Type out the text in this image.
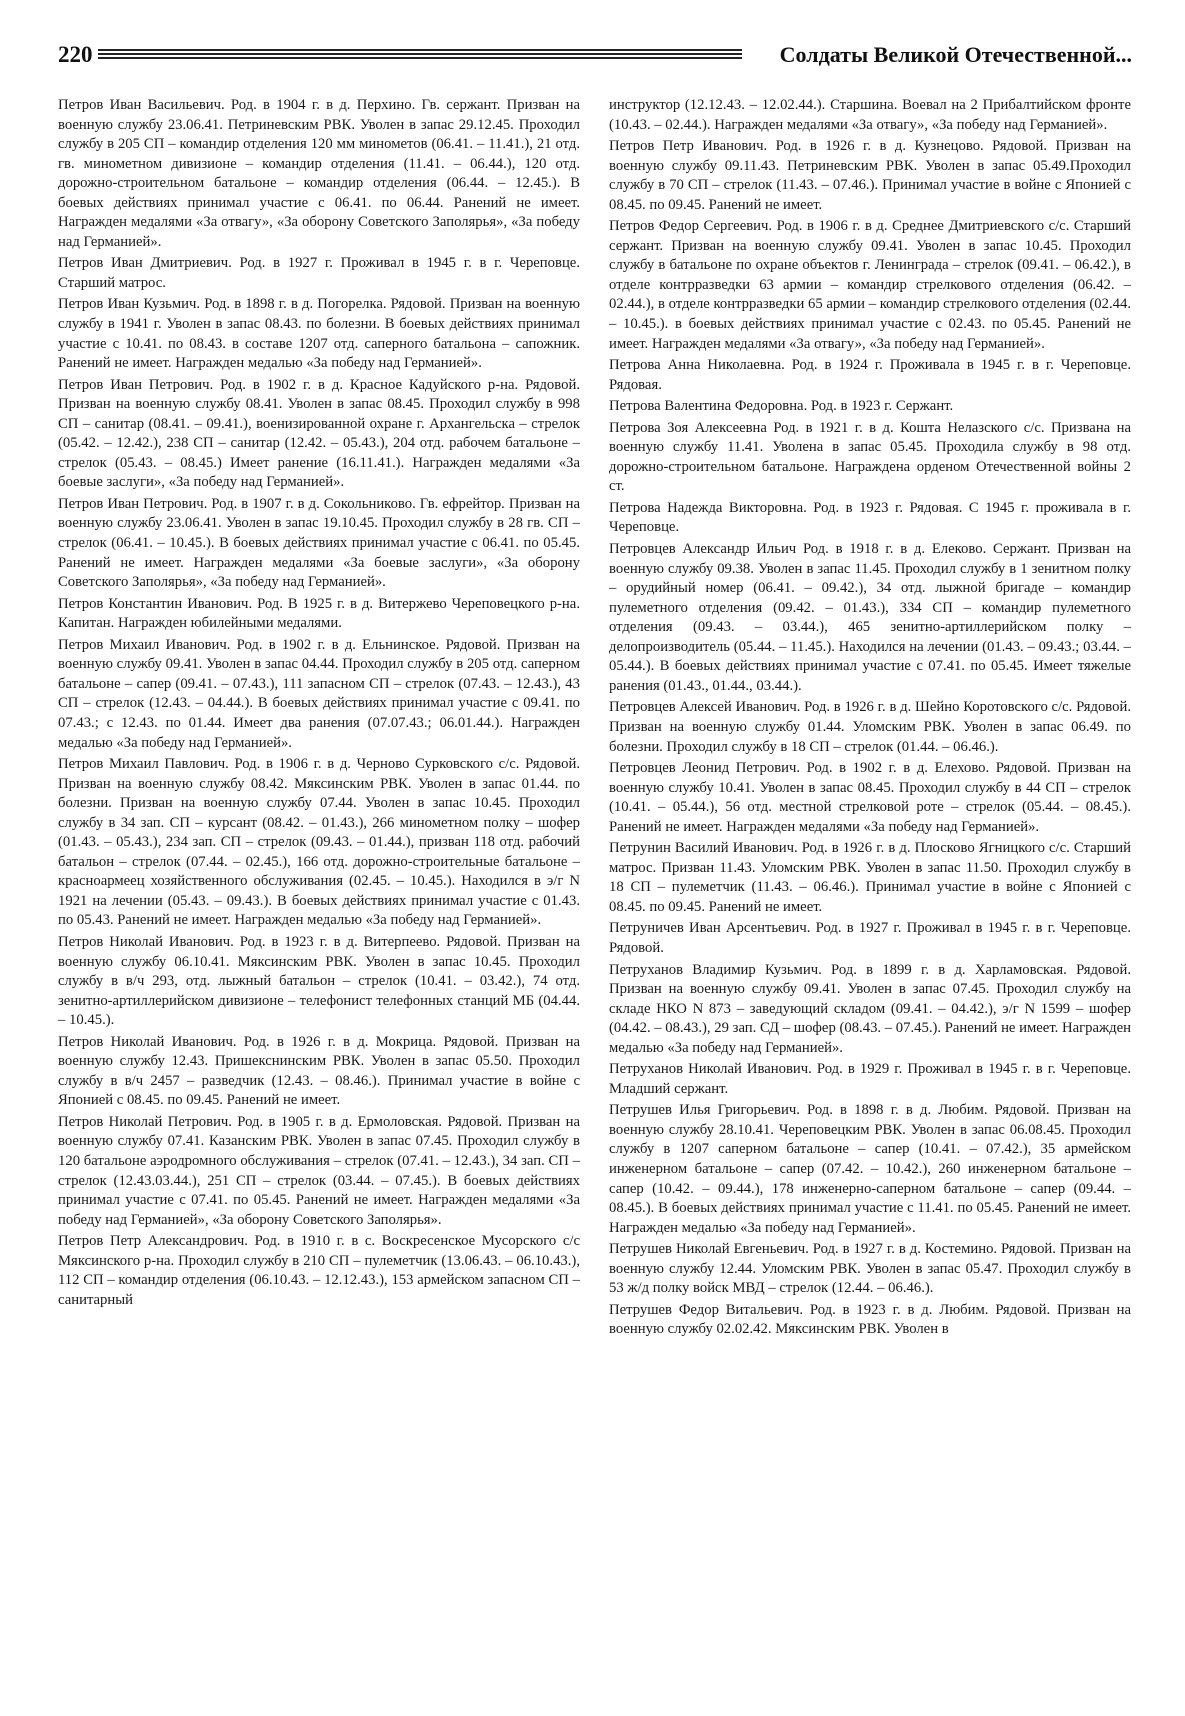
220	Солдаты Великой Отечественной...

Петров Иван Васильевич. Род. в 1904 г. в д. Перхино. Гв. сержант. Призван на военную службу 23.06.41. Петриневским РВК. Уволен в запас 29.12.45. Проходил службу в 205 СП – командир отделения 120 мм минометов (06.41. – 11.41.), 21 отд. гв. минометном дивизионе – командир отделения (11.41. – 06.44.), 120 отд. дорожно-строительном батальоне – командир отделения (06.44. – 12.45.). В боевых действиях принимал участие с 06.41. по 06.44. Ранений не имеет. Награжден медалями «За отвагу», «За оборону Советского Заполярья», «За победу над Германией».

Петров Иван Дмитриевич. Род. в 1927 г. Проживал в 1945 г. в г. Череповце. Старший матрос.

Петров Иван Кузьмич. Род. в 1898 г. в д. Погорелка. Рядовой. Призван на военную службу в 1941 г. Уволен в запас 08.43. по болезни. В боевых действиях принимал участие с 10.41. по 08.43. в составе 1207 отд. саперного батальона – сапожник. Ранений не имеет. Награжден медалью «За победу над Германией».

Петров Иван Петрович. Род. в 1902 г. в д. Красное Кадуйского р-на. Рядовой. Призван на военную службу 08.41. Уволен в запас 08.45. Проходил службу в 998 СП – санитар (08.41. – 09.41.), военизированной охране г. Архангельска – стрелок (05.42. – 12.42.), 238 СП – санитар (12.42. – 05.43.), 204 отд. рабочем батальоне – стрелок (05.43. – 08.45.) Имеет ранение (16.11.41.). Награжден медалями «За боевые заслуги», «За победу над Германией».

Петров Иван Петрович. Род. в 1907 г. в д. Сокольниково. Гв. ефрейтор. Призван на военную службу 23.06.41. Уволен в запас 19.10.45. Проходил службу в 28 гв. СП – стрелок (06.41. – 10.45.). В боевых действиях принимал участие с 06.41. по 05.45. Ранений не имеет. Награжден медалями «За боевые заслуги», «За оборону Советского Заполярья», «За победу над Германией».

Петров Константин Иванович. Род. В 1925 г. в д. Витержево Череповецкого р-на. Капитан. Награжден юбилейными медалями.

Петров Михаил Иванович. Род. в 1902 г. в д. Ельнинское. Рядовой. Призван на военную службу 09.41. Уволен в запас 04.44. Проходил службу в 205 отд. саперном батальоне – сапер (09.41. – 07.43.), 111 запасном СП – стрелок (07.43. – 12.43.), 43 СП – стрелок (12.43. – 04.44.). В боевых действиях принимал участие с 09.41. по 07.43.; с 12.43. по 01.44. Имеет два ранения (07.07.43.; 06.01.44.). Награжден медалью «За победу над Германией».

Петров Михаил Павлович. Род. в 1906 г. в д. Черново Сурковского с/с. Рядовой. Призван на военную службу 08.42. Мяксинским РВК. Уволен в запас 01.44. по болезни. Призван на военную службу 07.44. Уволен в запас 10.45. Проходил службу в 34 зап. СП – курсант (08.42. – 01.43.), 266 минометном полку – шофер (01.43. – 05.43.), 234 зап. СП – стрелок (09.43. – 01.44.), призван 118 отд. рабочий батальон – стрелок (07.44. – 02.45.), 166 отд. дорожно-строительные батальоне – красноармеец хозяйственного обслуживания (02.45. – 10.45.). Находился в э/г N 1921 на лечении (05.43. – 09.43.). В боевых действиях принимал участие с 01.43. по 05.43. Ранений не имеет. Награжден медалью «За победу над Германией».

Петров Николай Иванович. Род. в 1923 г. в д. Витерпеево. Рядовой. Призван на военную службу 06.10.41. Мяксинским РВК. Уволен в запас 10.45. Проходил службу в в/ч 293, отд. лыжный батальон – стрелок (10.41. – 03.42.), 74 отд. зенитно-артиллерийском дивизионе – телефонист телефонных станций МБ (04.44. – 10.45.).

Петров Николай Иванович. Род. в 1926 г. в д. Мокрица. Рядовой. Призван на военную службу 12.43. Пришекснинским РВК. Уволен в запас 05.50. Проходил службу в в/ч 2457 – разведчик (12.43. – 08.46.). Принимал участие в войне с Японией с 08.45. по 09.45. Ранений не имеет.

Петров Николай Петрович. Род. в 1905 г. в д. Ермоловская. Рядовой. Призван на военную службу 07.41. Казанским РВК. Уволен в запас 07.45. Проходил службу в 120 батальоне аэродромного обслуживания – стрелок (07.41. – 12.43.), 34 зап. СП – стрелок (12.43.03.44.), 251 СП – стрелок (03.44. – 07.45.). В боевых действиях принимал участие с 07.41. по 05.45. Ранений не имеет. Награжден медалями «За победу над Германией», «За оборону Советского Заполярья».

Петров Петр Александрович. Род. в 1910 г. в с. Воскресенское Мусорского с/с Мяксинского р-на. Проходил службу в 210 СП – пулеметчик (13.06.43. – 06.10.43.), 112 СП – командир отделения (06.10.43. – 12.12.43.), 153 армейском запасном СП – санитарный

инструктор (12.12.43. – 12.02.44.). Старшина. Воевал на 2 Прибалтийском фронте (10.43. – 02.44.). Награжден медалями «За отвагу», «За победу над Германией».

Петров Петр Иванович. Род. в 1926 г. в д. Кузнецово. Рядовой. Призван на военную службу 09.11.43. Петриневским РВК. Уволен в запас 05.49.Проходил службу в 70 СП – стрелок (11.43. – 07.46.). Принимал участие в войне с Японией с 08.45. по 09.45. Ранений не имеет.

Петров Федор Сергеевич. Род. в 1906 г. в д. Среднее Дмитриевского с/с. Старший сержант. Призван на военную службу 09.41. Уволен в запас 10.45. Проходил службу в батальоне по охране объектов г. Ленинграда – стрелок (09.41. – 06.42.), в отделе контрразведки 63 армии – командир стрелкового отделения (06.42. – 02.44.), в отделе контрразведки 65 армии – командир стрелкового отделения (02.44. – 10.45.). в боевых действиях принимал участие с 02.43. по 05.45. Ранений не имеет. Награжден медалями «За отвагу», «За победу над Германией».

Петрова Анна Николаевна. Род. в 1924 г. Проживала в 1945 г. в г. Череповце. Рядовая.

Петрова Валентина Федоровна. Род. в 1923 г. Сержант.

Петрова Зоя Алексеевна Род. в 1921 г. в д. Кошта Нелазского с/с. Призвана на военную службу 11.41. Уволена в запас 05.45. Проходила службу в 98 отд. дорожно-строительном батальоне. Награждена орденом Отечественной войны 2 ст.

Петрова Надежда Викторовна. Род. в 1923 г. Рядовая. С 1945 г. проживала в г. Череповце.

Петровцев Александр Ильич Род. в 1918 г. в д. Елеково. Сержант. Призван на военную службу 09.38. Уволен в запас 11.45. Проходил службу в 1 зенитном полку – орудийный номер (06.41. – 09.42.), 34 отд. лыжной бригаде – командир пулеметного отделения (09.42. – 01.43.), 334 СП – командир пулеметного отделения (09.43. – 03.44.), 465 зенитно-артиллерийском полку – делопроизводитель (05.44. – 11.45.). Находился на лечении (01.43. – 09.43.; 03.44. – 05.44.). В боевых действиях принимал участие с 07.41. по 05.45. Имеет тяжелые ранения (01.43., 01.44., 03.44.).

Петровцев Алексей Иванович. Род. в 1926 г. в д. Шейно Коротовского с/с. Рядовой. Призван на военную службу 01.44. Уломским РВК. Уволен в запас 06.49. по болезни. Проходил службу в 18 СП – стрелок (01.44. – 06.46.).

Петровцев Леонид Петрович. Род. в 1902 г. в д. Елехово. Рядовой. Призван на военную службу 10.41. Уволен в запас 08.45. Проходил службу в 44 СП – стрелок (10.41. – 05.44.), 56 отд. местной стрелковой роте – стрелок (05.44. – 08.45.). Ранений не имеет. Награжден медалями «За победу над Германией».

Петрунин Василий Иванович. Род. в 1926 г. в д. Плосково Ягницкого с/с. Старший матрос. Призван 11.43. Уломским РВК. Уволен в запас 11.50. Проходил службу в 18 СП – пулеметчик (11.43. – 06.46.). Принимал участие в войне с Японией с 08.45. по 09.45. Ранений не имеет.

Петруничев Иван Арсентьевич. Род. в 1927 г. Проживал в 1945 г. в г. Череповце. Рядовой.

Петруханов Владимир Кузьмич. Род. в 1899 г. в д. Харламовская. Рядовой. Призван на военную службу 09.41. Уволен в запас 07.45. Проходил службу на складе НКО N 873 – заведующий складом (09.41. – 04.42.), э/г N 1599 – шофер (04.42. – 08.43.), 29 зап. СД – шофер (08.43. – 07.45.). Ранений не имеет. Награжден медалью «За победу над Германией».

Петруханов Николай Иванович. Род. в 1929 г. Проживал в 1945 г. в г. Череповце. Младший сержант.

Петрушев Илья Григорьевич. Род. в 1898 г. в д. Любим. Рядовой. Призван на военную службу 28.10.41. Череповецким РВК. Уволен в запас 06.08.45. Проходил службу в 1207 саперном батальоне – сапер (10.41. – 07.42.), 35 армейском инженерном батальоне – сапер (07.42. – 10.42.), 260 инженерном батальоне – сапер (10.42. – 09.44.), 178 инженерно-саперном батальоне – сапер (09.44. – 08.45.). В боевых действиях принимал участие с 11.41. по 05.45. Ранений не имеет. Награжден медалью «За победу над Германией».

Петрушев Николай Евгеньевич. Род. в 1927 г. в д. Костемино. Рядовой. Призван на военную службу 12.44. Уломским РВК. Уволен в запас 05.47. Проходил службу в 53 ж/д полку войск МВД – стрелок (12.44. – 06.46.).

Петрушев Федор Витальевич. Род. в 1923 г. в д. Любим. Рядовой. Призван на военную службу 02.02.42. Мяксинским РВК. Уволен в
